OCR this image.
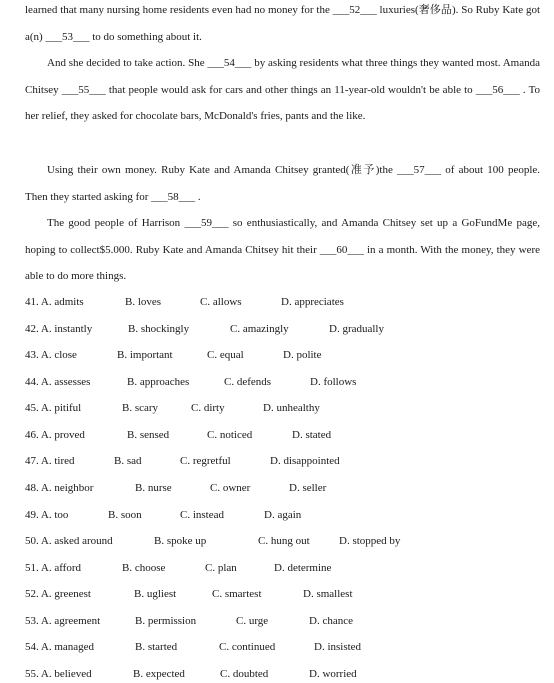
learned that many nursing home residents even had no money for the ___52___ luxuries(奢侈品). So Ruby Kate got a(n) ___53___ to do something about it.
And she decided to take action. She ___54___ by asking residents what three things they wanted most. Amanda Chitsey ___55___ that people would ask for cars and other things an 11-year-old wouldn't be able to ___56___ . To her relief, they asked for chocolate bars, McDonald's fries, pants and the like.
Using their own money. Ruby Kate and Amanda Chitsey granted(准予)the ___57___ of about 100 people. Then they started asking for ___58___ .
The good people of Harrison ___59___ so enthusiastically, and Amanda Chitsey set up a GoFundMe page, hoping to collect$5.000. Ruby Kate and Amanda Chitsey hit their ___60___ in a month. With the money, they were able to do more things.
41. A. admits	B. loves	C. allows	D. appreciates
42. A. instantly	B. shockingly	C. amazingly	D. gradually
43. A. close	B. important	C. equal	D. polite
44. A. assesses	B. approaches	C. defends	D. follows
45. A. pitiful	B. scary	C. dirty	D. unhealthy
46. A. proved	B. sensed	C. noticed	D. stated
47. A. tired	B. sad	C. regretful	D. disappointed
48. A. neighbor	B. nurse	C. owner	D. seller
49. A. too	B. soon	C. instead	D. again
50. A. asked around	B. spoke up	C. hung out	D. stopped by
51. A. afford	B. choose	C. plan	D. determine
52. A. greenest	B. ugliest	C. smartest	D. smallest
53. A. agreement	B. permission	C. urge	D. chance
54. A. managed	B. started	C. continued	D. insisted
55. A. believed	B. expected	C. doubted	D. worried
